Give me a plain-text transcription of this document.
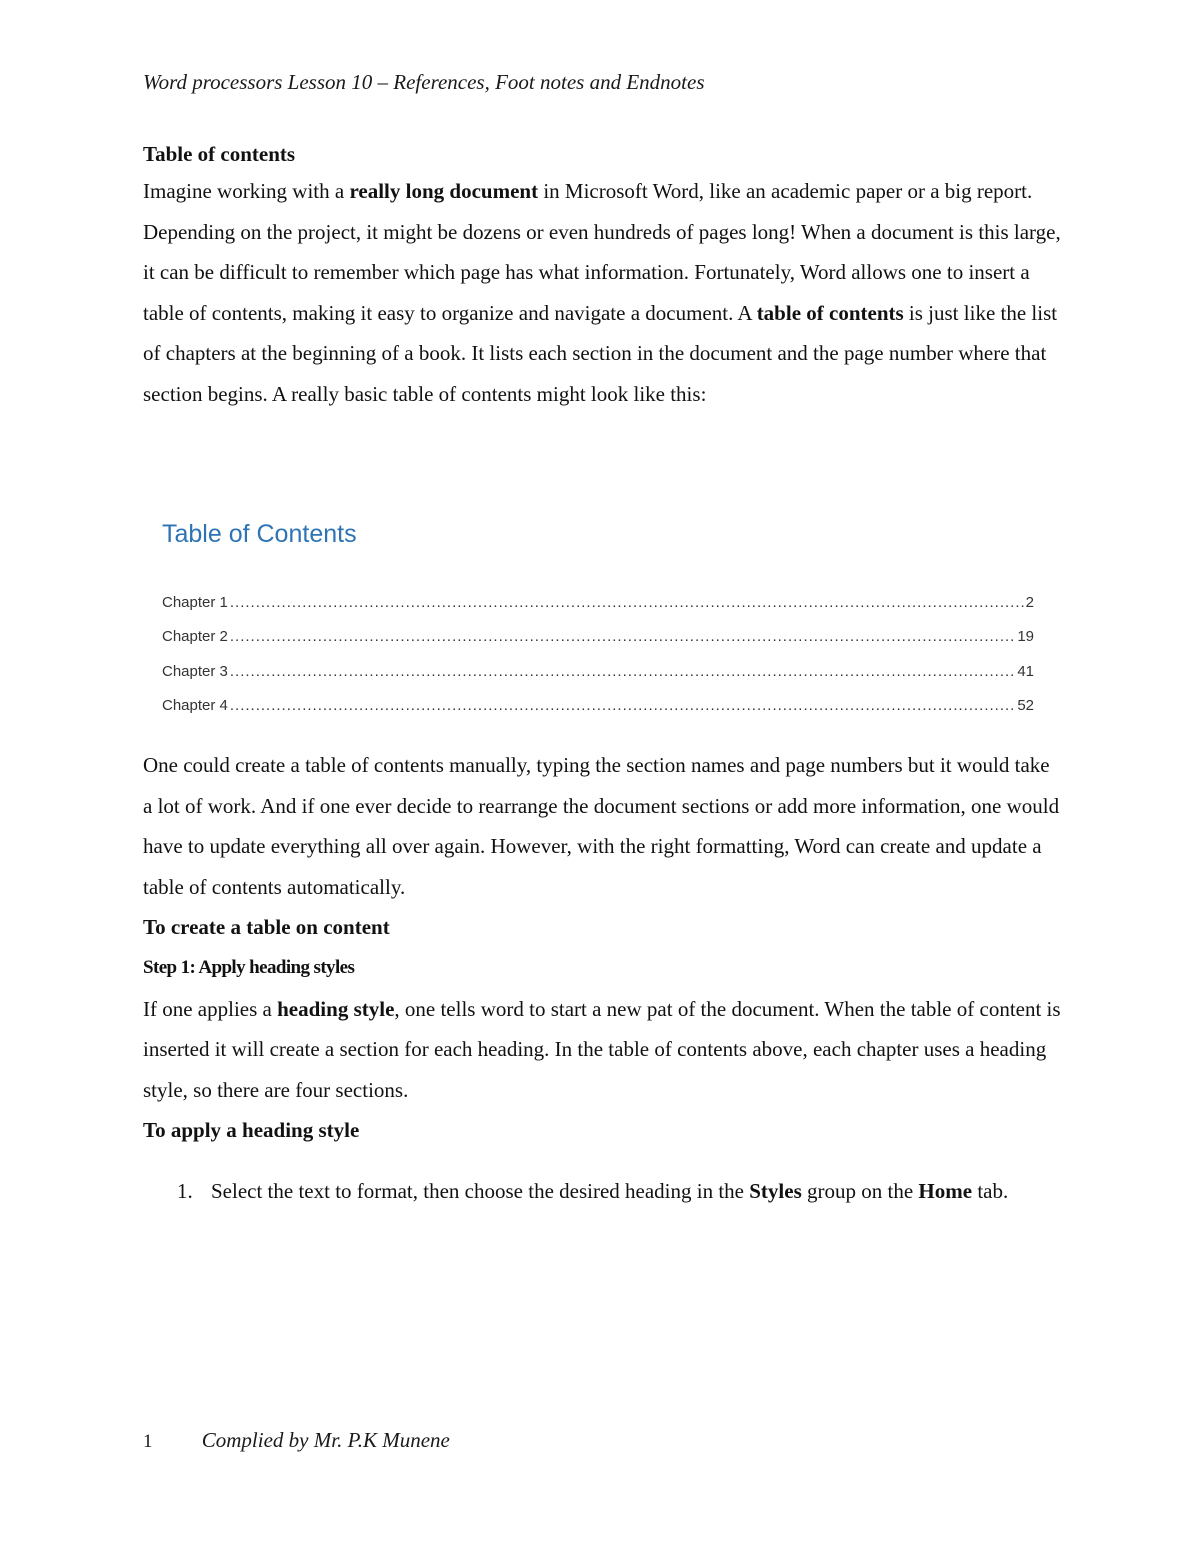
Word processors Lesson 10 – References, Foot notes and Endnotes
Table of contents

Imagine working with a really long document in Microsoft Word, like an academic paper or a big report. Depending on the project, it might be dozens or even hundreds of pages long! When a document is this large, it can be difficult to remember which page has what information. Fortunately, Word allows one to insert a table of contents, making it easy to organize and navigate a document. A table of contents is just like the list of chapters at the beginning of a book. It lists each section in the document and the page number where that section begins. A really basic table of contents might look like this:

Table of Contents
Chapter 1 .....	2
Chapter 2 .....	19
Chapter 3 .....	41
Chapter 4 .....	52

One could create a table of contents manually, typing the section names and page numbers but it would take a lot of work. And if one ever decide to rearrange the document sections or add more information, one would have to update everything all over again. However, with the right formatting, Word can create and update a table of contents automatically.

To create a table on content
Step 1: Apply heading styles

If one applies a heading style, one tells word to start a new pat of the document. When the table of content is inserted it will create a section for each heading. In the table of contents above, each chapter uses a heading style, so there are four sections.

To apply a heading style
1. Select the text to format, then choose the desired heading in the Styles group on the Home tab.
1 Complied by Mr. P.K Munene
